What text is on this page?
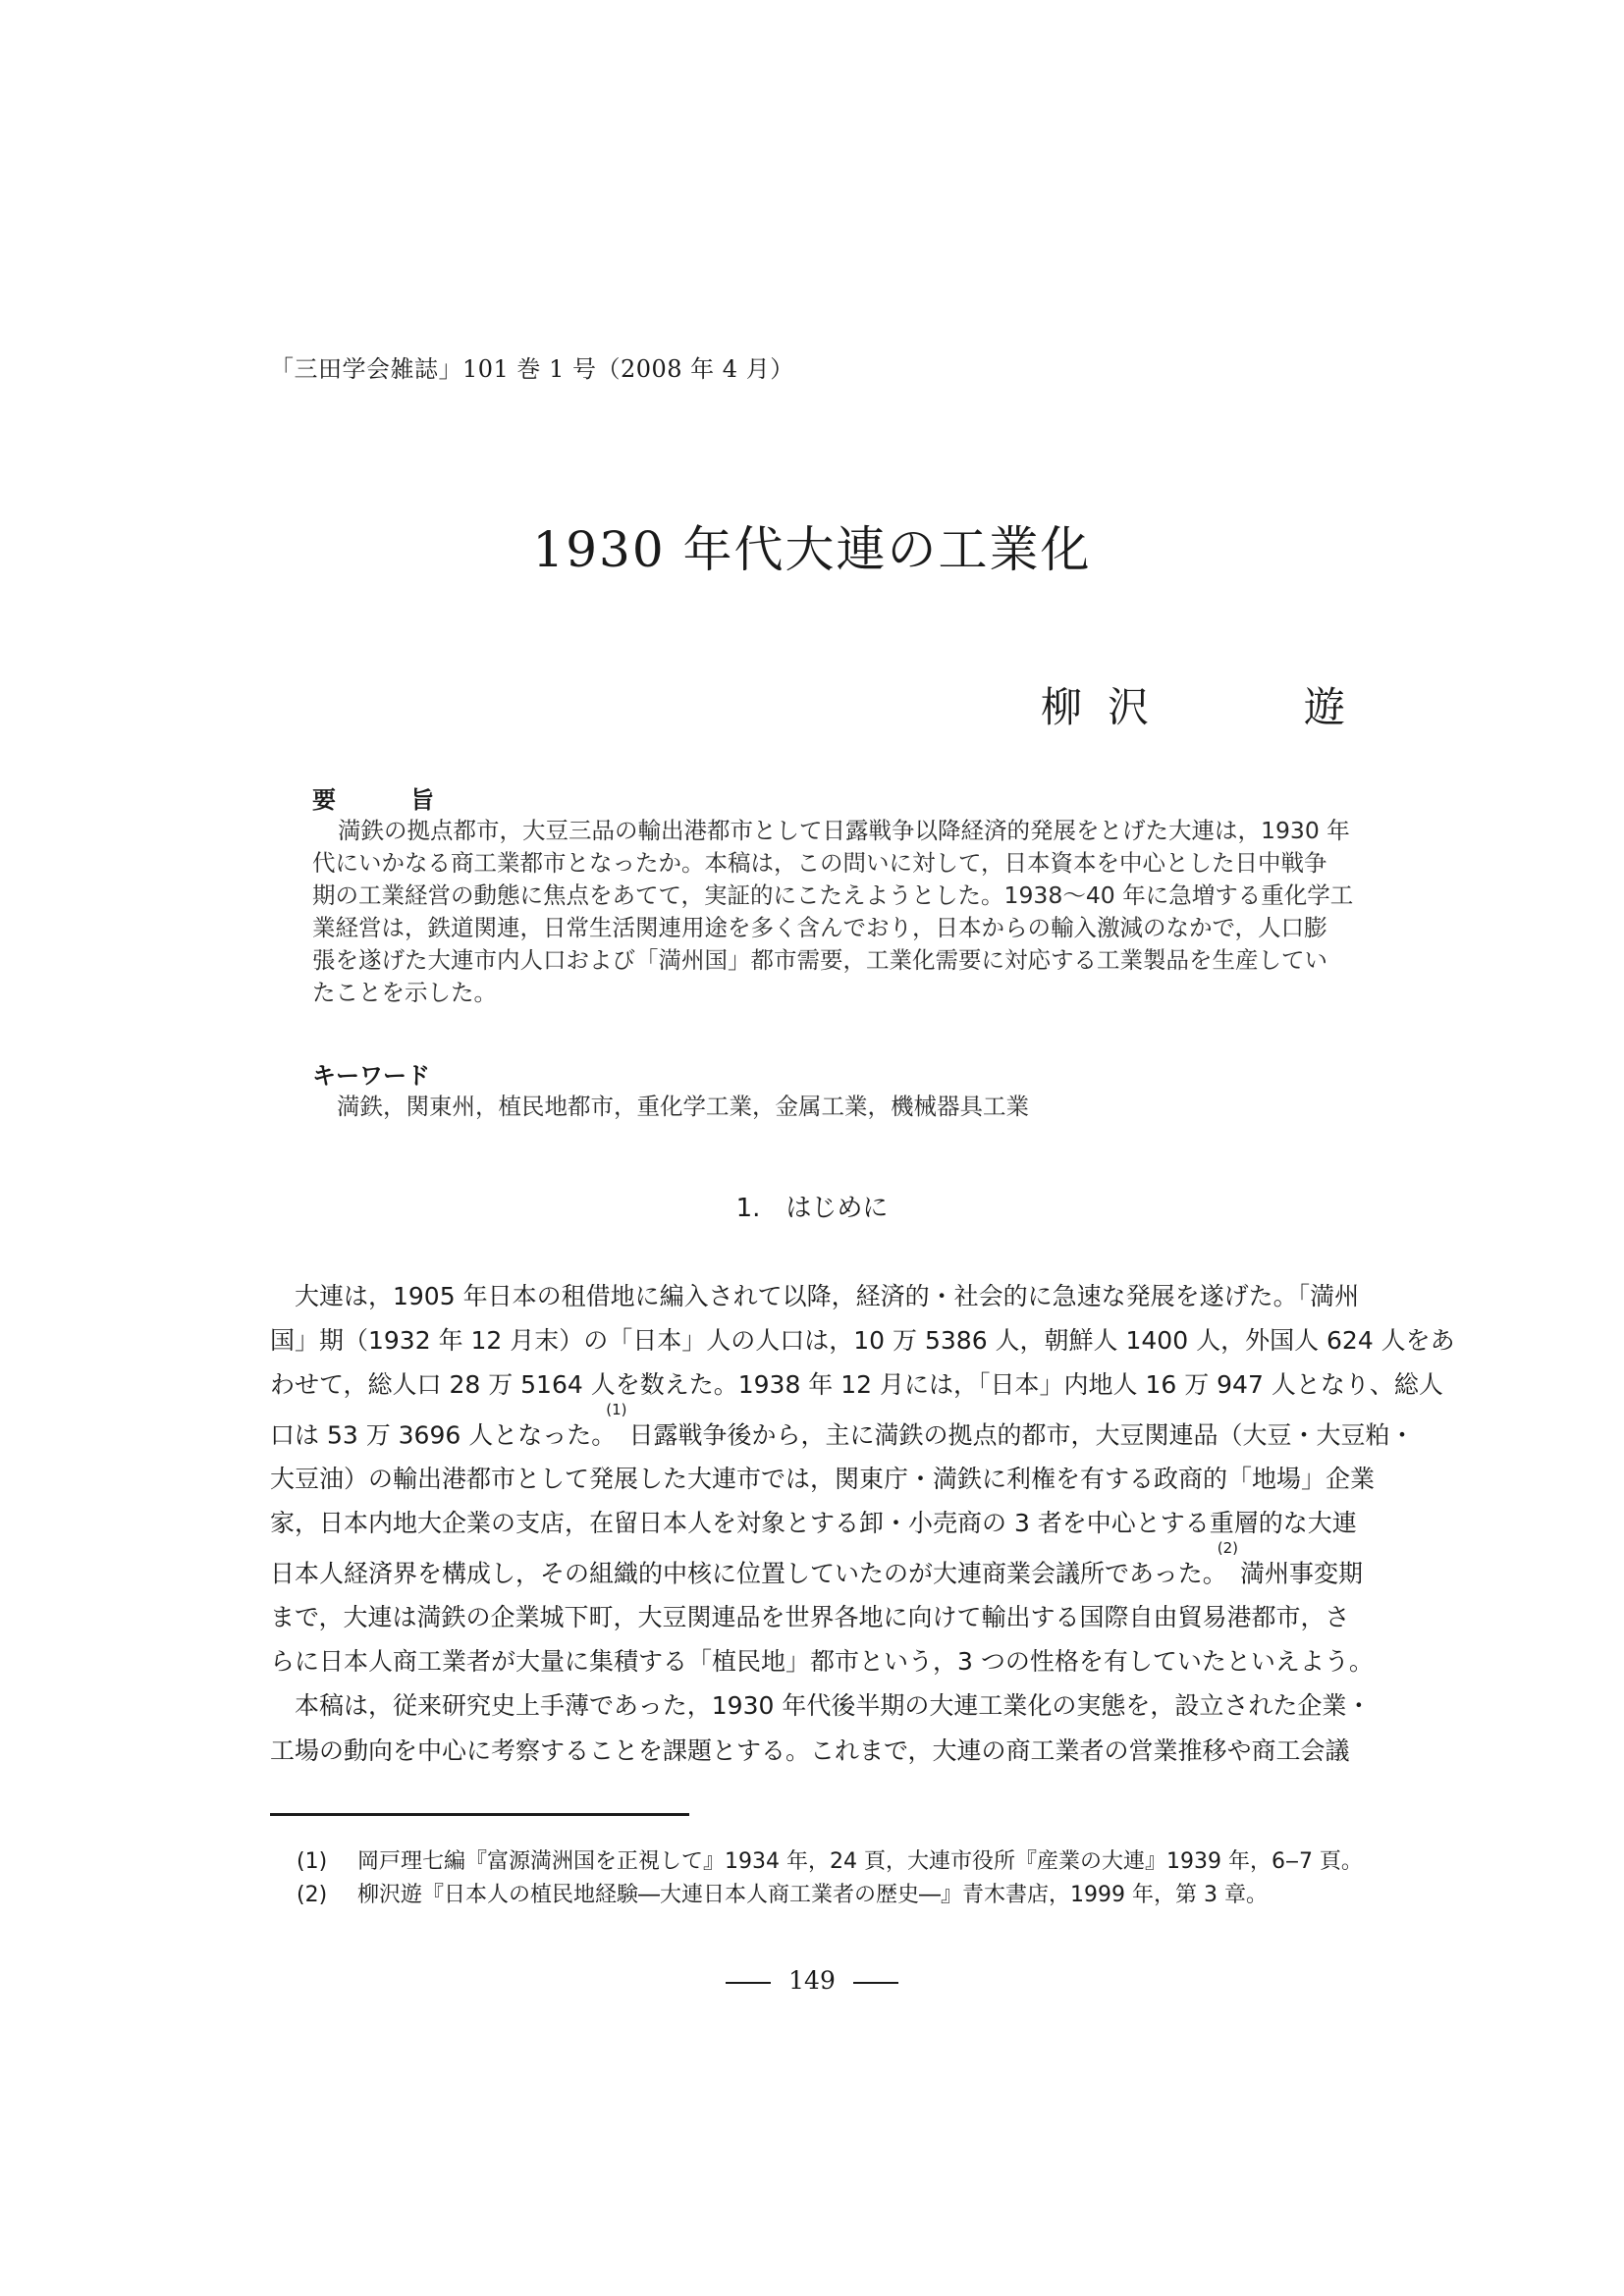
「三田学会雑誌」101 巻 1 号（2008 年 4 月）
1930 年代大連の工業化
柳 沢	遊
要	旨
満鉄の拠点都市，大豆三品の輸出港都市として日露戦争以降経済的発展をとげた大連は，1930 年
代にいかなる商工業都市となったか。本稿は，この問いに対して，日本資本を中心とした日中戦争
期の工業経営の動態に焦点をあてて，実証的にこたえようとした。1938〜40 年に急増する重化学工
業経営は，鉄道関連，日常生活関連用途を多く含んでおり，日本からの輸入激減のなかで，人口膨
張を遂げた大連市内人口および「満州国」都市需要，工業化需要に対応する工業製品を生産してい
たことを示した。
キーワード
満鉄，関東州，植民地都市，重化学工業，金属工業，機械器具工業
1.　はじめに
大連は，1905 年日本の租借地に編入されて以降，経済的・社会的に急速な発展を遂げた。「満州
国」期（1932 年 12 月末）の「日本」人の人口は，10 万 5386 人，朝鮮人 1400 人，外国人 624 人をあ
わせて，総人口 28 万 5164 人を数えた。1938 年 12 月には，「日本」内地人 16 万 947 人となり、総人
口は 53 万 3696 人となった。$^{(1)}$日露戦争後から，主に満鉄の拠点的都市，大豆関連品（大豆・大豆粕・
大豆油）の輸出港都市として発展した大連市では，関東庁・満鉄に利権を有する政商的「地場」企業
家，日本内地大企業の支店，在留日本人を対象とする卸・小売商の 3 者を中心とする重層的な大連
日本人経済界を構成し，その組織的中核に位置していたのが大連商業会議所であった。$^{(2)}$満州事変期
まで，大連は満鉄の企業城下町，大豆関連品を世界各地に向けて輸出する国際自由貿易港都市，さ
らに日本人商工業者が大量に集積する「植民地」都市という，3 つの性格を有していたといえよう。
本稿は，従来研究史上手薄であった，1930 年代後半期の大連工業化の実態を，設立された企業・
工場の動向を中心に考察することを課題とする。これまで，大連の商工業者の営業推移や商工会議
(1) 岡戸理七編『富源満洲国を正視して』1934 年，24 頁，大連市役所『産業の大連』1939 年，6‒7 頁。
(2) 柳沢遊『日本人の植民地経験―大連日本人商工業者の歴史―』青木書店，1999 年，第 3 章。
149
